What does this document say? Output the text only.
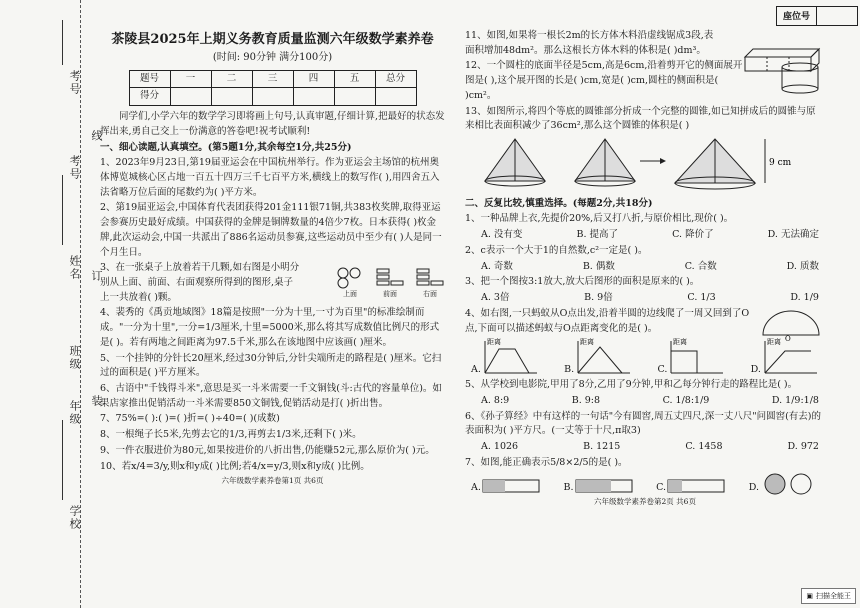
考号
考号
姓名
班级
年级
学校
线
订
装

茶陵县2025年上期义务教育质量监测六年级数学素养卷

(时间: 90分钟 满分100分)

题号	一	二	三	四	五	总分
得分						

同学们,小学六年的数学学习即将画上句号,认真审题,仔细计算,把最好的状态发挥出来,勇自己交上一份满意的答卷吧!祝考试顺利!

一、细心读题,认真填空。(第5题1分,其余每空1分,共25分)

1、2023年9月23日,第19届亚运会在中国杭州举行。作为亚运会主场馆的杭州奥体博览城核心区占地一百五十四万三千七百平方米,横线上的数写作( ),用四舍五入法省略万位后面的尾数约为( )平方米。

2、第19届亚运会,中国体育代表团获得201金111银71铜,共383枚奖牌,取得亚运会参赛历史最好成绩。中国获得的金牌是铜牌数量的4倍少7枚。日本获得( )枚金牌,此次运动会,中国一共派出了886名运动员参赛,这些运动员中至少有( )人是同一个月生日。

3、在一张桌子上放着若干几颗,如右图是小明分别从上面、前面、右面观察所得到的图形,桌子上一共放着( )颗。	上面	前面	右面

4、裴秀的《禹贡地域图》18篇是按照"一分为十里,一寸为百里"的标准绘制而成。"一分为十里",一分=1/3厘米,十里=5000米,那么将其写成数值比例尺的形式是( )。若有两地之间距离为97.5千米,那么在该地图中应该画( )厘米。

5、一个挂钟的分针长20厘米,经过30分钟后,分针尖端所走的路程是( )厘米。它扫过的面积是( )平方厘米。

6、古语中"千钱得斗米",意思是买一斗米需要一千文铜钱(斗:古代的容量单位)。如果店家推出促销活动一斗米需要850文铜钱,促销活动是打( )折出售。

7、75%=( ):( )=( )折=( )÷40=( )(成数)

8、一根绳子长5米,先剪去它的1/3,再剪去1/3米,还剩下( )米。

9、一件衣服进价为80元,如果按进价的八折出售,仍能赚52元,那么原价为( )元。

10、若x/4=3/y,则x和y成( )比例;若4/x=y/3,则x和y成( )比例。

六年级数学素养卷第1页 共6页

座位号

11、如图,如果将一根长2m的长方体木料沿虚线锯成3段,表面积增加48dm²。那么这根长方体木料的体积是( )dm³。

12、一个圆柱的底面半径是5cm,高是6cm,沿着剪开它的侧面展开图是( ),这个展开图的长是( )cm,宽是( )cm,圆柱的侧面积是( )cm²。

13、如图所示,将四个等底的圆锥部分折成一个完整的圆锥,如已知拼成后的圆锥与原来相比表面积减少了36cm²,那么这个圆锥的体积是( )

9 cm

二、反复比较,慎重选择。(每题2分,共18分)

1、一种品牌上衣,先提价20%,后又打八折,与原价相比,现价( )。

A. 没有变	B. 提高了	C. 降价了	D. 无法确定

2、c表示一个大于1的自然数,c²一定是( )。

A. 奇数	B. 偶数	C. 合数	D. 质数

3、把一个图按3:1放大,放大后图形的面积是原来的( )。

A. 3倍	B. 9倍	C. 1/3	D. 1/9

4、如右图,一只蚂蚁从O点出发,沿着半圆的边线爬了一周又回到了O点,下面可以描述蚂蚁与O点距离变化的是( )。

O
A.
距离
B.
距离
C.
距离
D.
距离

5、从学校到电影院,甲用了8分,乙用了9分钟,甲和乙每分钟行走的路程比是( )。

A. 8:9	B. 9:8	C. 1/8:1/9	D. 1/9:1/8

6、《孙子算经》中有这样的一句话"今有圆窖,周五丈四尺,深一丈八尺"问圆窖(有去)的表面积为( )平方尺。(一丈等于十尺,π取3)

A. 1026	B. 1215	C. 1458	D. 972

7、如图,能正确表示5/8×2/5的是( )。

A.	B.	C.	D.

六年级数学素养卷第2页 共6页

▣ 扫描全能王
